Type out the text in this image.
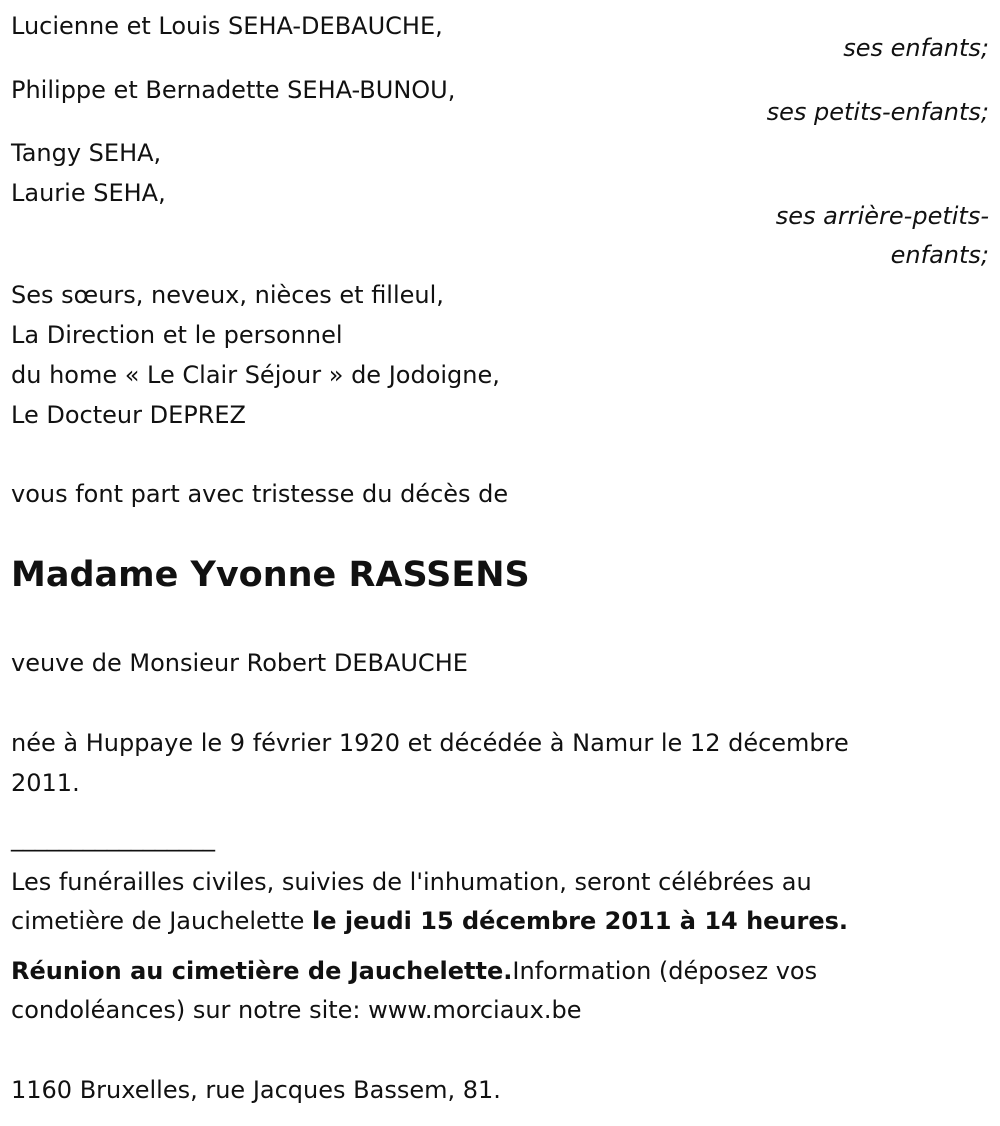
Lucienne et Louis SEHA-DEBAUCHE,
ses enfants;
Philippe et Bernadette SEHA-BUNOU,
ses petits-enfants;
Tangy SEHA,
Laurie SEHA,
ses arrière-petits-
enfants;
Ses sœurs, neveux, nièces et filleul,
La Direction et le personnel
du home « Le Clair Séjour » de Jodoigne,
Le Docteur DEPREZ
vous font part avec tristesse du décès de
Madame Yvonne RASSENS
veuve de Monsieur Robert DEBAUCHE
née à Huppaye le 9 février 1920 et décédée à Namur le 12 décembre
2011.
_________________
Les funérailles civiles, suivies de l'inhumation, seront célébrées au
cimetière de Jauchelette le jeudi 15 décembre 2011 à 14 heures.
Réunion au cimetière de Jauchelette.Information (déposez vos
condoléances) sur notre site: www.morciaux.be
1160 Bruxelles, rue Jacques Bassem, 81.
